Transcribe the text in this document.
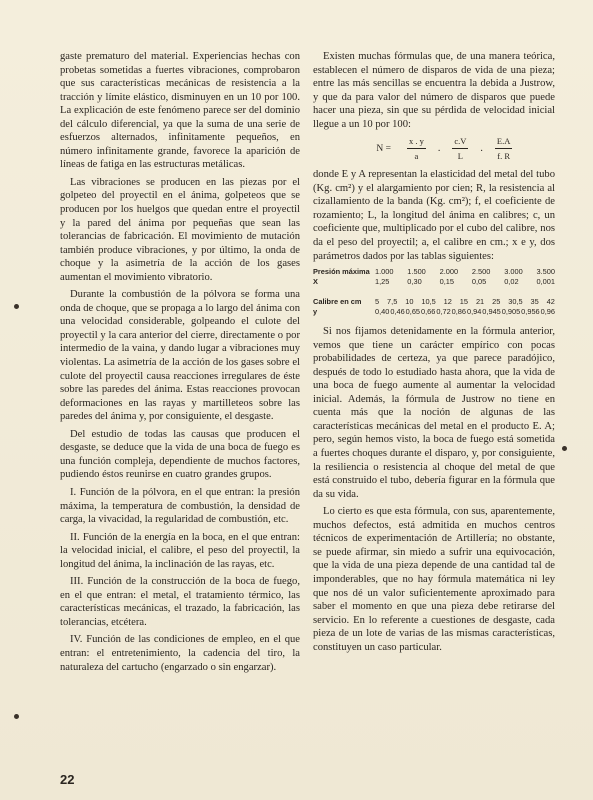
gaste prematuro del material. Experiencias hechas con probetas sometidas a fuertes vibraciones, comprobaron que sus características mecánicas de resistencia a la tracción y límite elástico, disminuyen en un 10 por 100. La explicación de este fenómeno parece ser del dominio del cálculo diferencial, ya que la suma de una serie de esfuerzos alternados, infinitamente pequeños, en número infinitamente grande, favorece la aparición de líneas de fatiga en las estructuras metálicas.

Las vibraciones se producen en las piezas por el golpeteo del proyectil en el ánima, golpeteos que se producen por los huelgos que quedan entre el proyectil y la pared del ánima por pequeñas que sean las tolerancias de fabricación. El movimiento de mutación también produce vibraciones, y por último, la onda de choque y la asimetría de la acción de los gases aumentan el movimiento vibratorio.

Durante la combustión de la pólvora se forma una onda de choque, que se propaga a lo largo del ánima con una velocidad considerable, golpeando el culote del proyectil y la cara anterior del cierre, directamente o por intermedio de la vaina, y dando lugar a vibraciones muy violentas. La asimetría de la acción de los gases sobre el culote del proyectil causa reacciones irregulares de éste sobre las paredes del ánima. Estas reacciones provocan deformaciones en las rayas y martilleteos sobre las paredes del ánima y, por consiguiente, el desgaste.

Del estudio de todas las causas que producen el desgaste, se deduce que la vida de una boca de fuego es una función compleja, dependiente de muchos factores, pudiendo éstos reunirse en cuatro grandes grupos.

I. Función de la pólvora, en el que entran: la presión máxima, la temperatura de combustión, la densidad de carga, la vivacidad, la regularidad de combustión, etc.

II. Función de la energía en la boca, en el que entran: la velocidad inicial, el calibre, el peso del proyectil, la longitud del ánima, la inclinación de las rayas, etc.

III. Función de la construcción de la boca de fuego, en el que entran: el metal, el tratamiento térmico, las características mecánicas, el trazado, la fabricación, las tolerancias, etcétera.

IV. Función de las condiciones de empleo, en el que entran: el entretenimiento, la cadencia del tiro, la naturaleza del cartucho (engarzado o sin engarzar).

Existen muchas fórmulas que, de una manera teórica, establecen el número de disparos de vida de una pieza; entre las más sencillas se encuentra la debida a Justrow, y que da para valor del número de disparos que puede hacer una pieza, sin que su pérdida de velocidad inicial llegue a un 10 por 100:

N =	$\frac{x . y}{a}$ . $\frac{c.V}{L}$ . $\frac{E.A}{f. R}$

donde E y A representan la elasticidad del metal del tubo (Kg. cm²) y el alargamiento por cien; R, la resistencia al cizallamiento de la banda (Kg. cm²); f, el coeficiente de rozamiento; L, la longitud del ánima en calibres; c, un coeficiente que, multiplicado por el cubo del calibre, nos da el peso del proyectil; a, el calibre en cm.; x e y, dos parámetros dados por las tablas siguientes:

Presión máxima 1.000 1.500 2.000 2.500 3.000 3.500
X	1,25 0,30 0,15 0,05 0,02 0,001
Calibre en cm	5 7,5 10 10,5 12 15 21 25 30,5 35 42
y	0,40 0,46 0,65 0,66 0,72 0,86 0,94 0,945 0,905 0,956 0,96

Si nos fijamos detenidamente en la fórmula anterior, vemos que tiene un carácter empírico con pocas probabilidades de certeza, ya que parece paradójico, después de todo lo estudiado hasta ahora, que la vida de una boca de fuego aumente al aumentar la velocidad inicial. Además, la fórmula de Justrow no tiene en cuenta más que la noción de algunas de las características mecánicas del metal en el producto E. A; pero, según hemos visto, la boca de fuego está sometida a fuertes choques durante el disparo, y, por consiguiente, la resiliencia o resistencia al choque del metal de que está construido el tubo, debería figurar en la fórmula que da su vida.

Lo cierto es que esta fórmula, con sus, aparentemente, muchos defectos, está admitida en muchos centros técnicos de experimentación de Artillería; no obstante, se puede afirmar, sin miedo a sufrir una equivocación, que la vida de una pieza depende de una cantidad tal de imponderables, que no hay fórmula matemática ni ley que nos dé un valor suficientemente aproximado para saber el momento en que una pieza debe retirarse del servicio. En lo referente a cuestiones de desgaste, cada pieza de un lote de varias de las mismas características, constituyen un caso particular.

22
